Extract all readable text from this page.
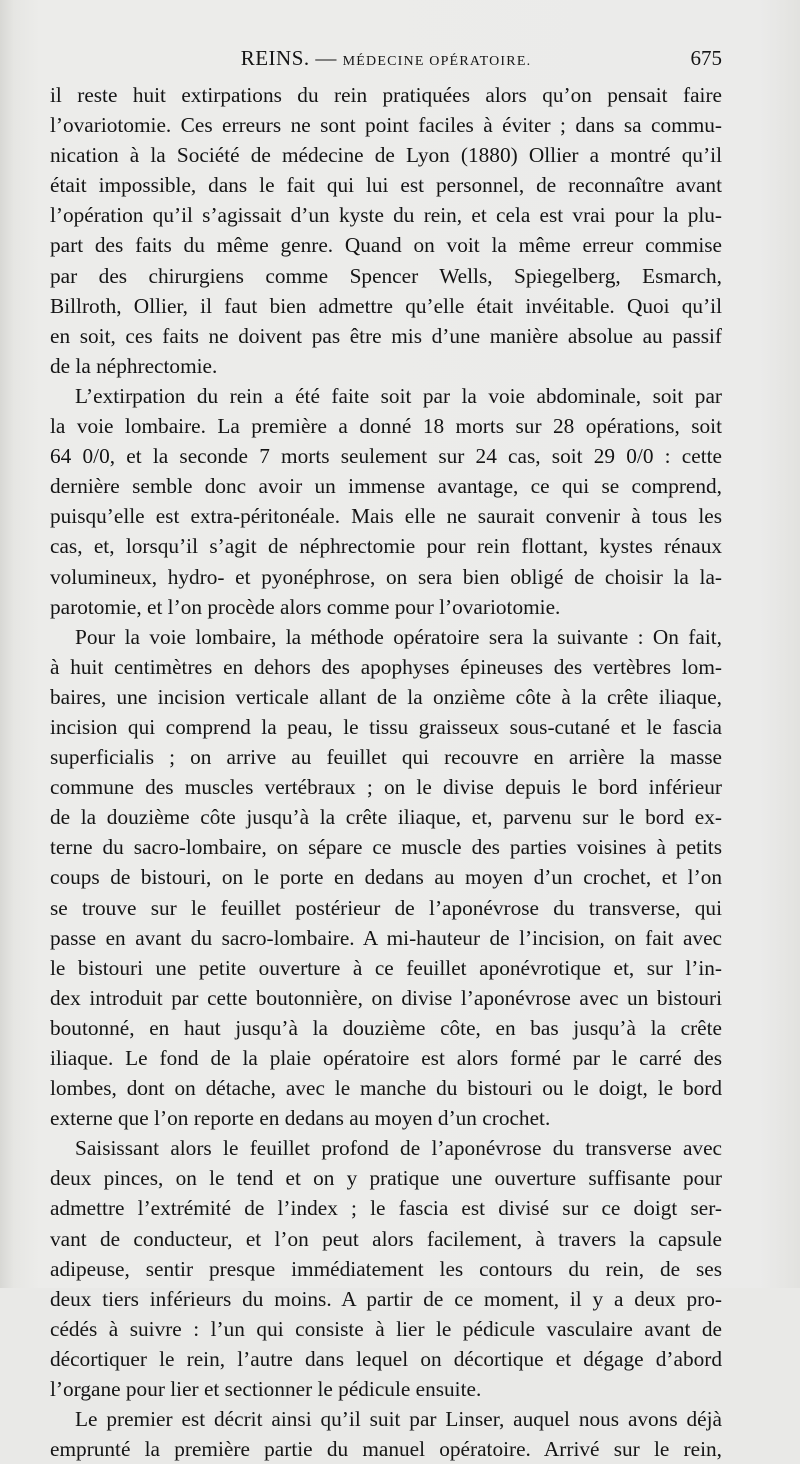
REINS. — MÉDECINE OPÉRATOIRE.	675

il reste huit extirpations du rein pratiquées alors qu’on pensait faire
l’ovariotomie. Ces erreurs ne sont point faciles à éviter ; dans sa commu-
nication à la Société de médecine de Lyon (1880) Ollier a montré qu’il
était impossible, dans le fait qui lui est personnel, de reconnaître avant
l’opération qu’il s’agissait d’un kyste du rein, et cela est vrai pour la plu-
part des faits du même genre. Quand on voit la même erreur commise
par des chirurgiens comme Spencer Wells, Spiegelberg, Esmarch,
Billroth, Ollier, il faut bien admettre qu’elle était invéitable. Quoi qu’il
en soit, ces faits ne doivent pas être mis d’une manière absolue au passif
de la néphrectomie.

L’extirpation du rein a été faite soit par la voie abdominale, soit par
la voie lombaire. La première a donné 18 morts sur 28 opérations, soit
64 0/0, et la seconde 7 morts seulement sur 24 cas, soit 29 0/0 : cette
dernière semble donc avoir un immense avantage, ce qui se comprend,
puisqu’elle est extra-péritonéale. Mais elle ne saurait convenir à tous les
cas, et, lorsqu’il s’agit de néphrectomie pour rein flottant, kystes rénaux
volumineux, hydro- et pyonéphrose, on sera bien obligé de choisir la la-
parotomie, et l’on procède alors comme pour l’ovariotomie.

Pour la voie lombaire, la méthode opératoire sera la suivante : On fait,
à huit centimètres en dehors des apophyses épineuses des vertèbres lom-
baires, une incision verticale allant de la onzième côte à la crête iliaque,
incision qui comprend la peau, le tissu graisseux sous-cutané et le fascia
superficialis ; on arrive au feuillet qui recouvre en arrière la masse
commune des muscles vertébraux ; on le divise depuis le bord inférieur
de la douzième côte jusqu’à la crête iliaque, et, parvenu sur le bord ex-
terne du sacro-lombaire, on sépare ce muscle des parties voisines à petits
coups de bistouri, on le porte en dedans au moyen d’un crochet, et l’on
se trouve sur le feuillet postérieur de l’aponévrose du transverse, qui
passe en avant du sacro-lombaire. A mi-hauteur de l’incision, on fait avec
le bistouri une petite ouverture à ce feuillet aponévrotique et, sur l’in-
dex introduit par cette boutonnière, on divise l’aponévrose avec un bistouri
boutonné, en haut jusqu’à la douzième côte, en bas jusqu’à la crête
iliaque. Le fond de la plaie opératoire est alors formé par le carré des
lombes, dont on détache, avec le manche du bistouri ou le doigt, le bord
externe que l’on reporte en dedans au moyen d’un crochet.

Saisissant alors le feuillet profond de l’aponévrose du transverse avec
deux pinces, on le tend et on y pratique une ouverture suffisante pour
admettre l’extrémité de l’index ; le fascia est divisé sur ce doigt ser-
vant de conducteur, et l’on peut alors facilement, à travers la capsule
adipeuse, sentir presque immédiatement les contours du rein, de ses
deux tiers inférieurs du moins. A partir de ce moment, il y a deux pro-
cédés à suivre : l’un qui consiste à lier le pédicule vasculaire avant de
décortiquer le rein, l’autre dans lequel on décortique et dégage d’abord
l’organe pour lier et sectionner le pédicule ensuite.

Le premier est décrit ainsi qu’il suit par Linser, auquel nous avons déjà
emprunté la première partie du manuel opératoire. Arrivé sur le rein,
